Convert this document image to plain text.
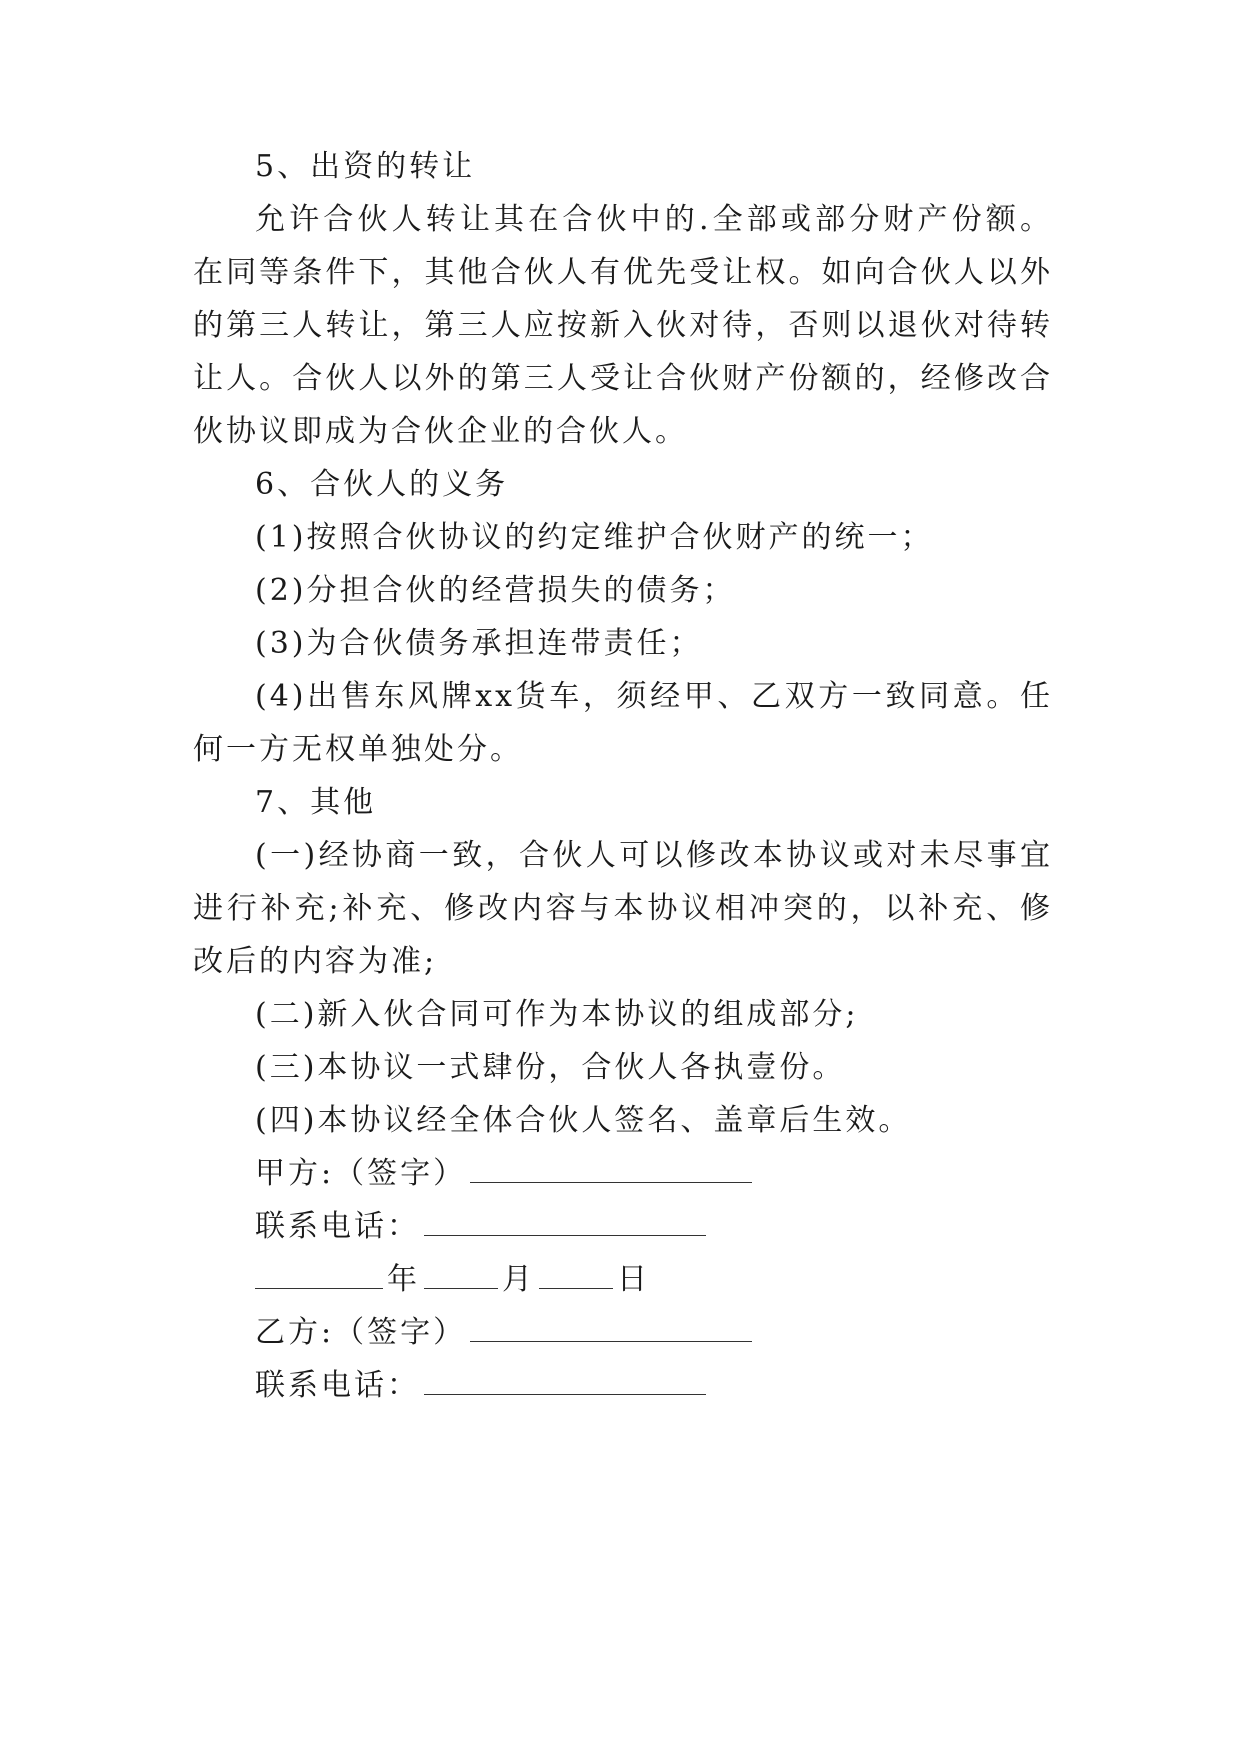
5、出资的转让
允许合伙人转让其在合伙中的.全部或部分财产份额。
在同等条件下，其他合伙人有优先受让权。如向合伙人以外
的第三人转让，第三人应按新入伙对待，否则以退伙对待转
让人。合伙人以外的第三人受让合伙财产份额的，经修改合
伙协议即成为合伙企业的合伙人。
6、合伙人的义务
(1)按照合伙协议的约定维护合伙财产的统一；
(2)分担合伙的经营损失的债务；
(3)为合伙债务承担连带责任；
(4)出售东风牌xx货车，须经甲、乙双方一致同意。任
何一方无权单独处分。
7、其他
(一)经协商一致，合伙人可以修改本协议或对未尽事宜
进行补充;补充、修改内容与本协议相冲突的，以补充、修
改后的内容为准;
(二)新入伙合同可作为本协议的组成部分;
(三)本协议一式肆份，合伙人各执壹份。
(四)本协议经全体合伙人签名、盖章后生效。
甲方:（签字）
联系电话：
年	月	日
乙方:（签字）
联系电话：
